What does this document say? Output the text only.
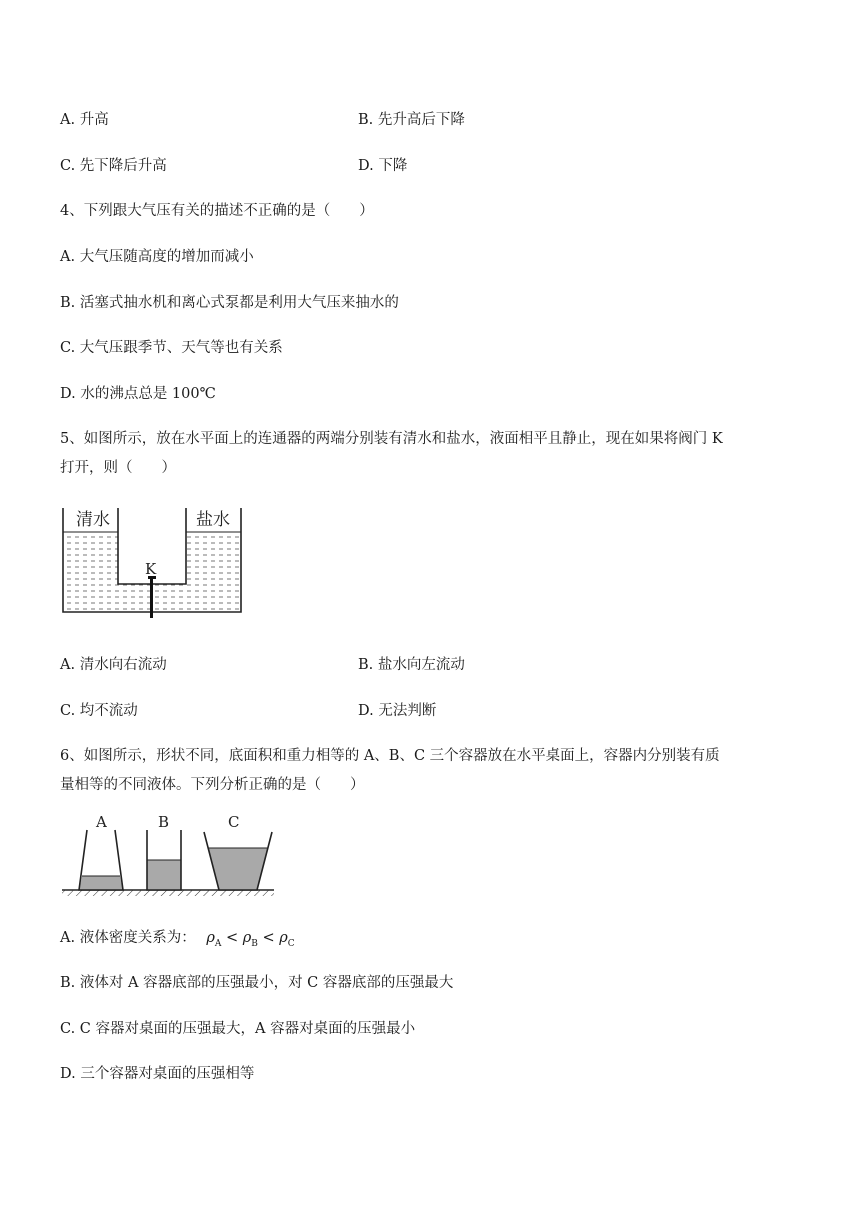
A. 升高	B. 先升高后下降
C. 先下降后升高	D. 下降
4、下列跟大气压有关的描述不正确的是（　　）
A. 大气压随高度的增加而减小
B. 活塞式抽水机和离心式泵都是利用大气压来抽水的
C. 大气压跟季节、天气等也有关系
D. 水的沸点总是 100℃
5、如图所示，放在水平面上的连通器的两端分别装有清水和盐水，液面相平且静止，现在如果将阀门 K
打开，则（　　）
清水	盐水
K
A. 清水向右流动	B. 盐水向左流动
C. 均不流动	D. 无法判断
6、如图所示，形状不同，底面积和重力相等的 A、B、C 三个容器放在水平桌面上，容器内分别装有质
量相等的不同液体。下列分析正确的是（　　）
A	B	C
A. 液体密度关系为： $\rho_A < \rho_B < \rho_C$
B. 液体对 A 容器底部的压强最小，对 C 容器底部的压强最大
C. C 容器对桌面的压强最大，A 容器对桌面的压强最小
D. 三个容器对桌面的压强相等
